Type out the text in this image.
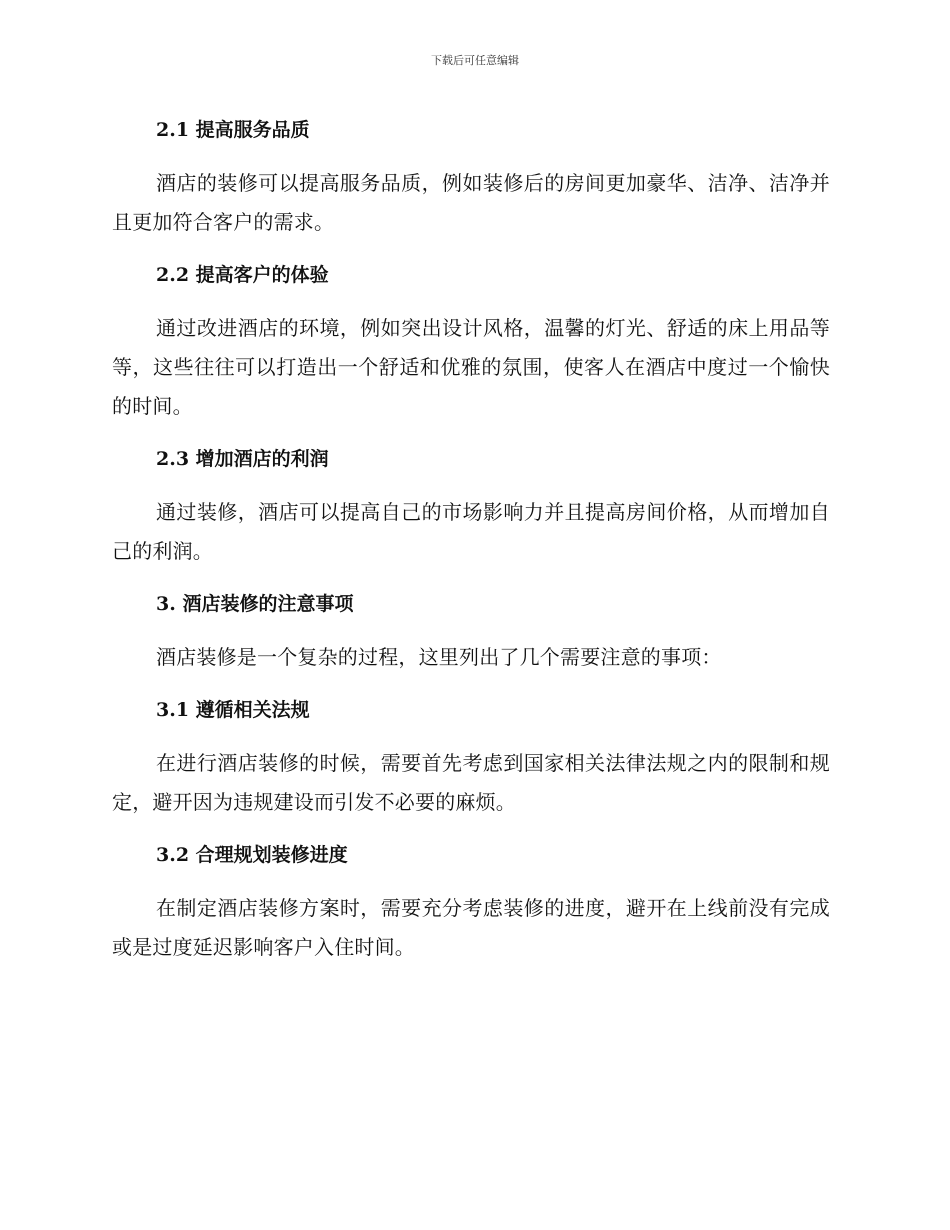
下载后可任意编辑
2.1 提高服务品质
酒店的装修可以提高服务品质，例如装修后的房间更加豪华、洁净、洁净并且更加符合客户的需求。
2.2 提高客户的体验
通过改进酒店的环境，例如突出设计风格，温馨的灯光、舒适的床上用品等等，这些往往可以打造出一个舒适和优雅的氛围，使客人在酒店中度过一个愉快的时间。
2.3 增加酒店的利润
通过装修，酒店可以提高自己的市场影响力并且提高房间价格，从而增加自己的利润。
3. 酒店装修的注意事项
酒店装修是一个复杂的过程，这里列出了几个需要注意的事项：
3.1 遵循相关法规
在进行酒店装修的时候，需要首先考虑到国家相关法律法规之内的限制和规定，避开因为违规建设而引发不必要的麻烦。
3.2 合理规划装修进度
在制定酒店装修方案时，需要充分考虑装修的进度，避开在上线前没有完成或是过度延迟影响客户入住时间。
